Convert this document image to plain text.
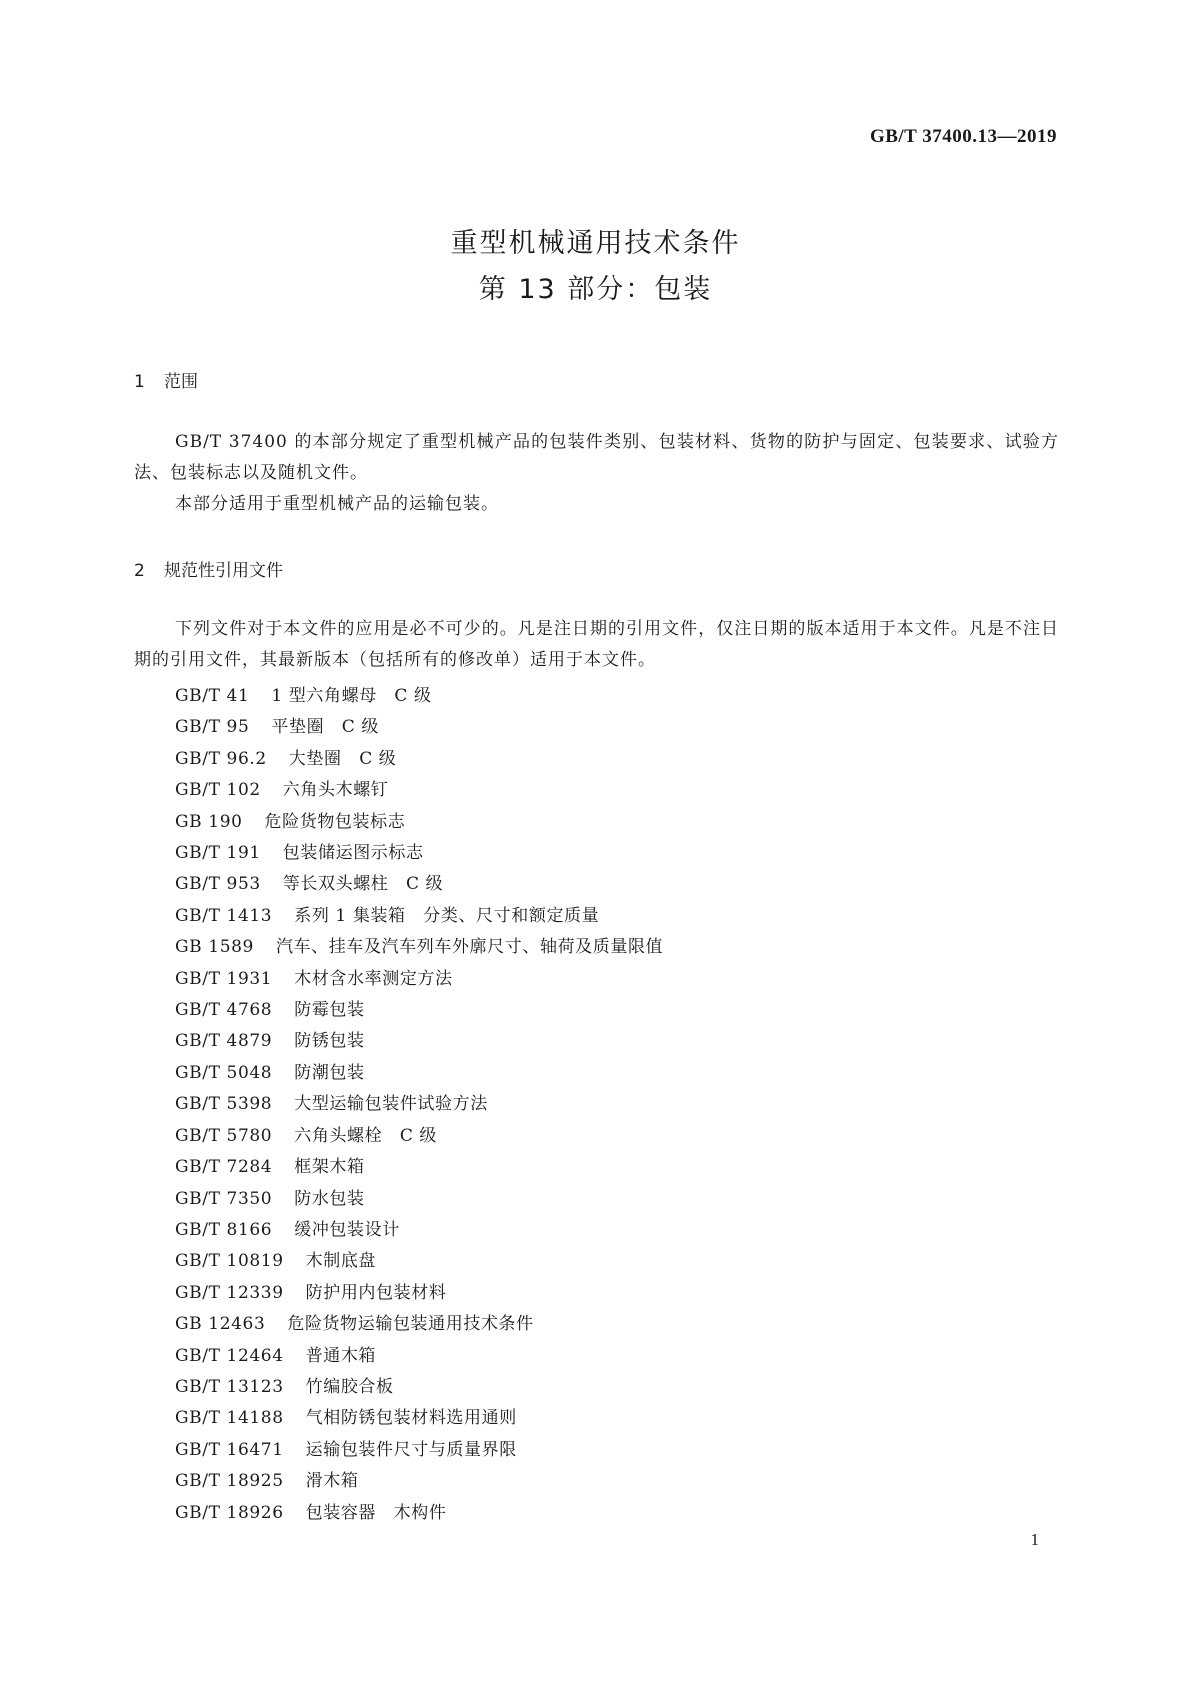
GB/T 37400.13—2019
重型机械通用技术条件
第 13 部分：包装
1 范围
GB/T 37400 的本部分规定了重型机械产品的包装件类别、包装材料、货物的防护与固定、包装要求、试验方法、包装标志以及随机文件。
本部分适用于重型机械产品的运输包装。
2 规范性引用文件
下列文件对于本文件的应用是必不可少的。凡是注日期的引用文件，仅注日期的版本适用于本文件。凡是不注日期的引用文件，其最新版本（包括所有的修改单）适用于本文件。
GB/T 41 1 型六角螺母　C 级
GB/T 95 平垫圈　C 级
GB/T 96.2 大垫圈　C 级
GB/T 102 六角头木螺钉
GB 190 危险货物包装标志
GB/T 191 包装储运图示标志
GB/T 953 等长双头螺柱　C 级
GB/T 1413 系列 1 集装箱　分类、尺寸和额定质量
GB 1589 汽车、挂车及汽车列车外廓尺寸、轴荷及质量限值
GB/T 1931 木材含水率测定方法
GB/T 4768 防霉包装
GB/T 4879 防锈包装
GB/T 5048 防潮包装
GB/T 5398 大型运输包装件试验方法
GB/T 5780 六角头螺栓　C 级
GB/T 7284 框架木箱
GB/T 7350 防水包装
GB/T 8166 缓冲包装设计
GB/T 10819 木制底盘
GB/T 12339 防护用内包装材料
GB 12463 危险货物运输包装通用技术条件
GB/T 12464 普通木箱
GB/T 13123 竹编胶合板
GB/T 14188 气相防锈包装材料选用通则
GB/T 16471 运输包装件尺寸与质量界限
GB/T 18925 滑木箱
GB/T 18926 包装容器　木构件
1
